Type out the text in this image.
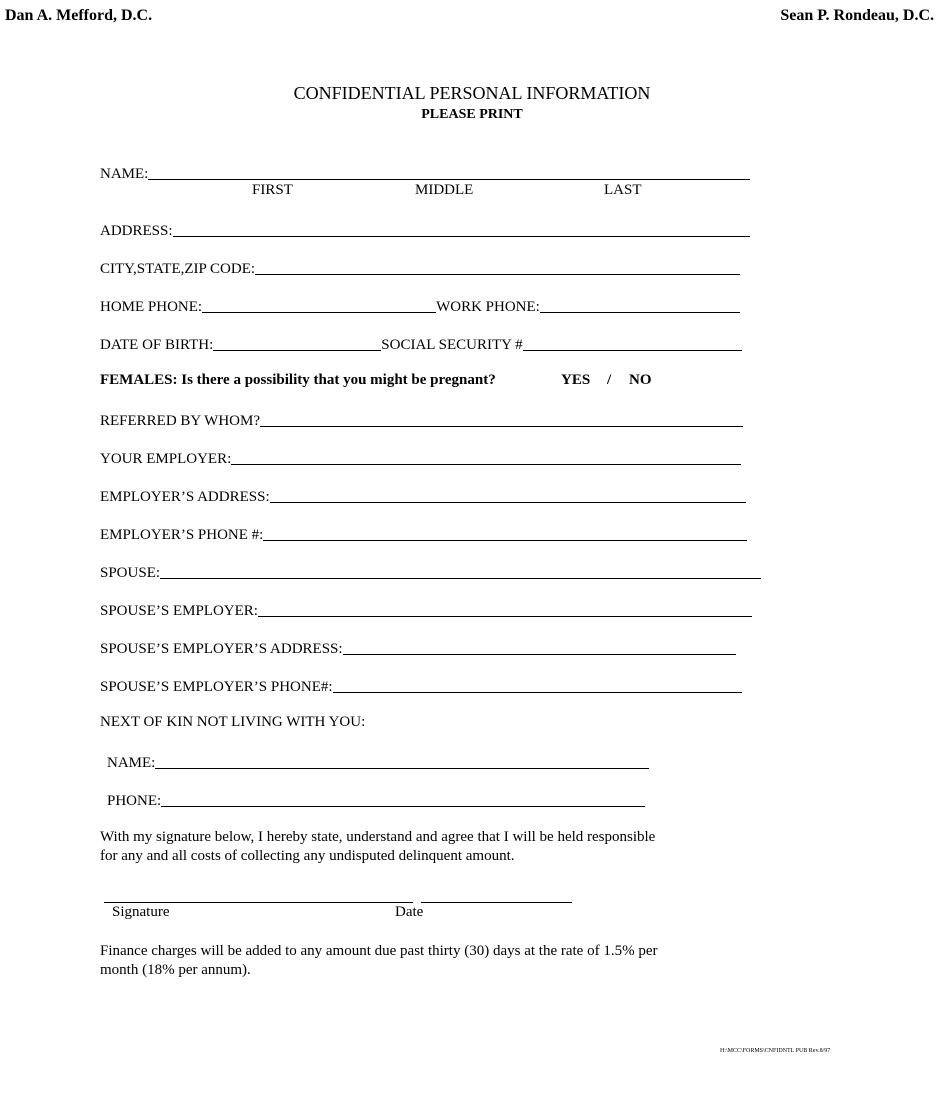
Dan A. Mefford, D.C.	Sean P. Rondeau, D.C.
CONFIDENTIAL PERSONAL INFORMATION
PLEASE PRINT
NAME:
FIRST	MIDDLE	LAST
ADDRESS:
CITY,STATE,ZIP CODE:
HOME PHONE:	WORK PHONE:
DATE OF BIRTH:	SOCIAL SECURITY #
FEMALES: Is there a possibility that you might be pregnant?	YES / NO
REFERRED BY WHOM?
YOUR EMPLOYER:
EMPLOYER’S ADDRESS:
EMPLOYER’S PHONE #:
SPOUSE:
SPOUSE’S EMPLOYER:
SPOUSE’S EMPLOYER’S ADDRESS:
SPOUSE’S EMPLOYER’S PHONE#:
NEXT OF KIN NOT LIVING WITH YOU:
NAME:
PHONE:
With my signature below, I hereby state, understand and agree that I will be held responsible
for any and all costs of collecting any undisputed delinquent amount.
Signature	Date
Finance charges will be added to any amount due past thirty (30) days at the rate of 1.5% per
month (18% per annum).
H:\MCC\FORMS\CNFIDNTL PUB Rev.8/97
